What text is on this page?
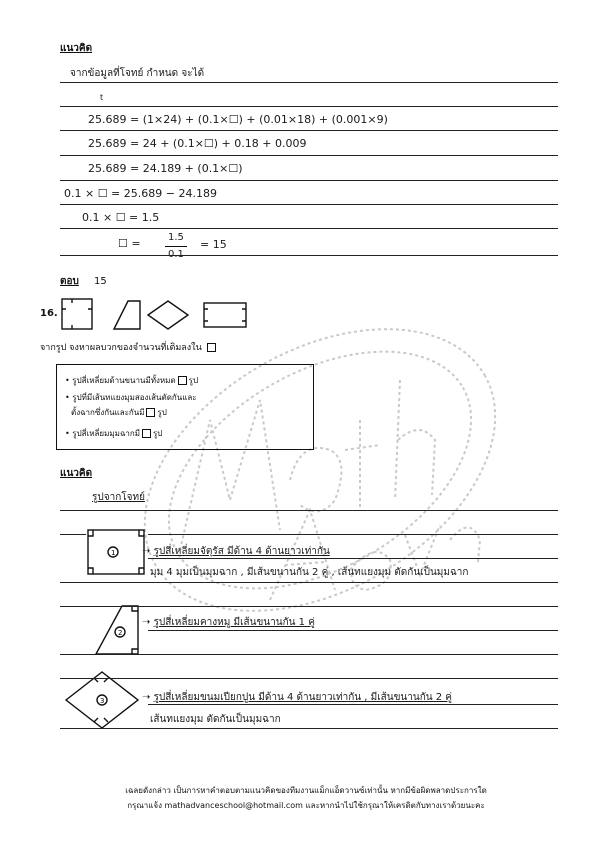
แนวคิด
จากข้อมูลที่โจทย์ กำหนด จะได้
t
25.689 = (1×24) + (0.1×☐) + (0.01×18) + (0.001×9)
25.689 = 24 + (0.1×☐) + 0.18 + 0.009
25.689 = 24.189 + (0.1×☐)
0.1 × ☐ = 25.689 − 24.189
0.1 × ☐ = 1.5
☐ =	1.5
= 15
ตอบ 15
16.
จากรูป จงหาผลบวกของจำนวนที่เติมลงใน
• รูปสี่เหลี่ยมด้านขนานมีทั้งหมด รูป
• รูปที่มีเส้นทแยงมุมสองเส้นตัดกันและ
ตั้งฉากซึ่งกันและกันมี รูป
• รูปสี่เหลี่ยมมุมฉากมี รูป
แนวคิด
รูปจากโจทย์
1	➝ รูปสี่เหลี่ยมจัตุรัส มีด้าน 4 ด้านยาวเท่ากัน
มุม 4 มุมเป็นมุมฉาก , มีเส้นขนานกัน 2 คู่ , เส้นทแยงมุม ตัดกันเป็นมุมฉาก
2
➝ รูปสี่เหลี่ยมคางหมู มีเส้นขนานกัน 1 คู่
3	➝ รูปสี่เหลี่ยมขนมเปียกปูน มีด้าน 4 ด้านยาวเท่ากัน , มีเส้นขนานกัน 2 คู่
เส้นทแยงมุม ตัดกันเป็นมุมฉาก
เฉลยดังกล่าว เป็นการหาคำตอบตามแนวคิดของทีมงานแม็กแอ็ดวานซ์เท่านั้น หากมีข้อผิดพลาดประการใด
กรุณาแจ้ง mathadvanceschool@hotmail.com และหากนำไปใช้กรุณาให้เครดิตกับทางเราด้วยนะคะ
